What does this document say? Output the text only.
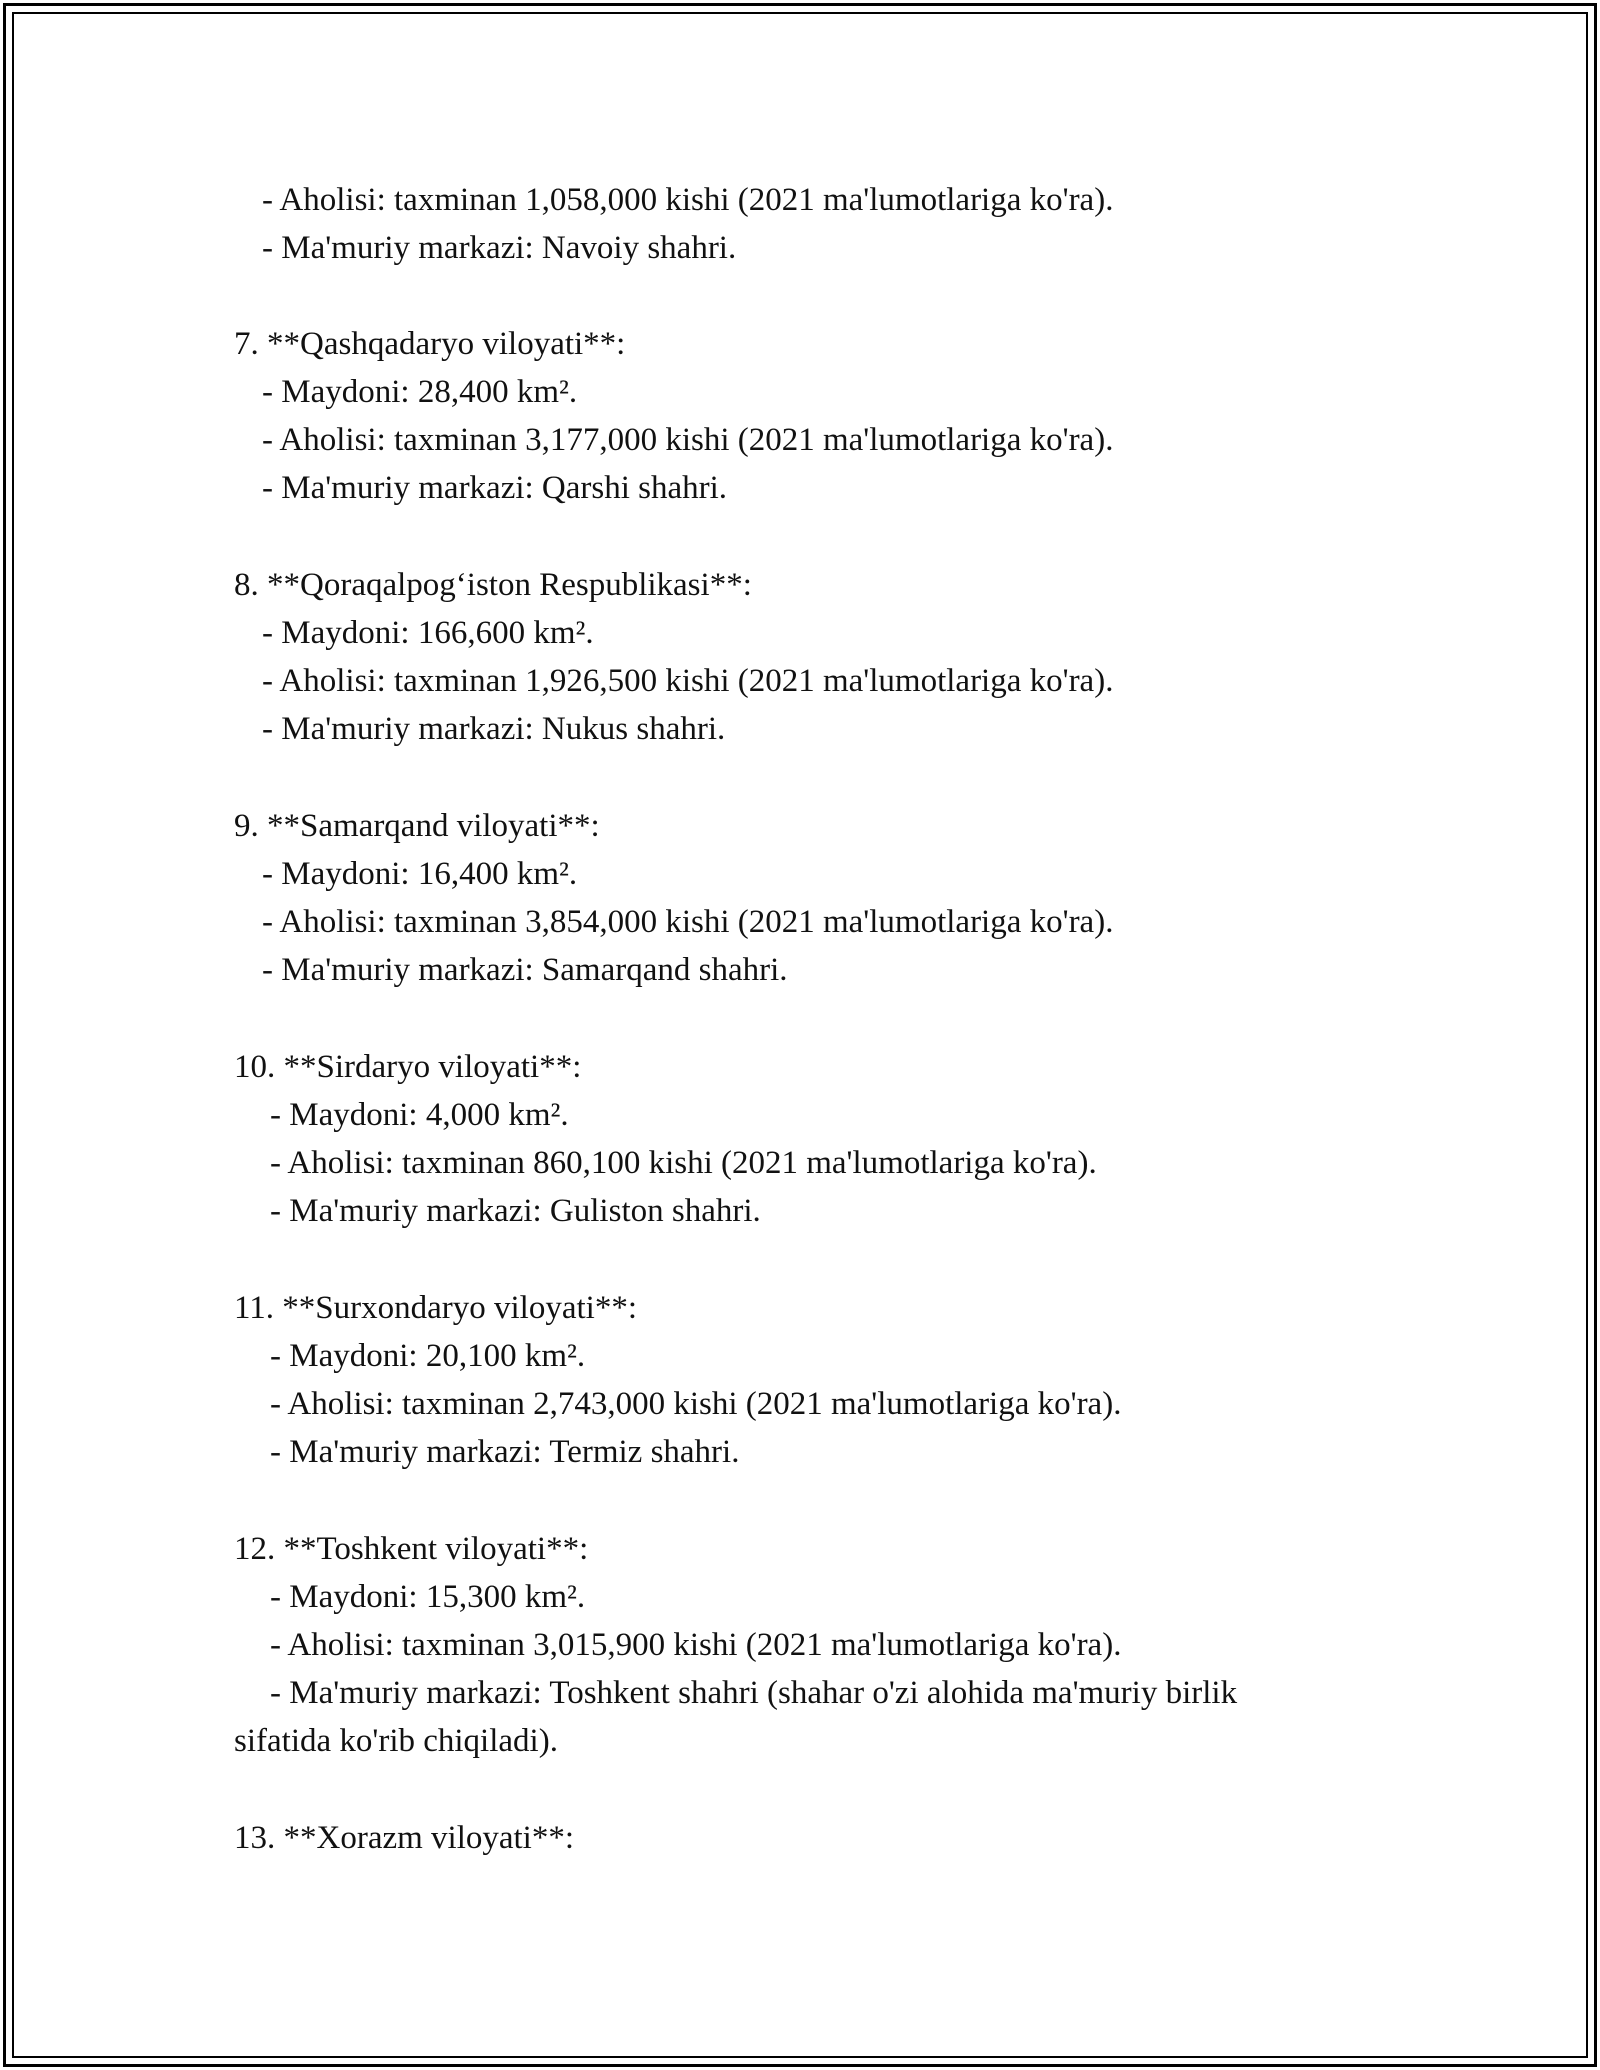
- Aholisi: taxminan 1,058,000 kishi (2021 ma'lumotlariga ko'ra).
- Ma'muriy markazi: Navoiy shahri.
7. **Qashqadaryo viloyati**:
- Maydoni: 28,400 km².
- Aholisi: taxminan 3,177,000 kishi (2021 ma'lumotlariga ko'ra).
- Ma'muriy markazi: Qarshi shahri.
8. **Qoraqalpog‘iston Respublikasi**:
- Maydoni: 166,600 km².
- Aholisi: taxminan 1,926,500 kishi (2021 ma'lumotlariga ko'ra).
- Ma'muriy markazi: Nukus shahri.
9. **Samarqand viloyati**:
- Maydoni: 16,400 km².
- Aholisi: taxminan 3,854,000 kishi (2021 ma'lumotlariga ko'ra).
- Ma'muriy markazi: Samarqand shahri.
10. **Sirdaryo viloyati**:
- Maydoni: 4,000 km².
- Aholisi: taxminan 860,100 kishi (2021 ma'lumotlariga ko'ra).
- Ma'muriy markazi: Guliston shahri.
11. **Surxondaryo viloyati**:
- Maydoni: 20,100 km².
- Aholisi: taxminan 2,743,000 kishi (2021 ma'lumotlariga ko'ra).
- Ma'muriy markazi: Termiz shahri.
12. **Toshkent viloyati**:
- Maydoni: 15,300 km².
- Aholisi: taxminan 3,015,900 kishi (2021 ma'lumotlariga ko'ra).
- Ma'muriy markazi: Toshkent shahri (shahar o'zi alohida ma'muriy birlik
sifatida ko'rib chiqiladi).
13. **Xorazm viloyati**:
